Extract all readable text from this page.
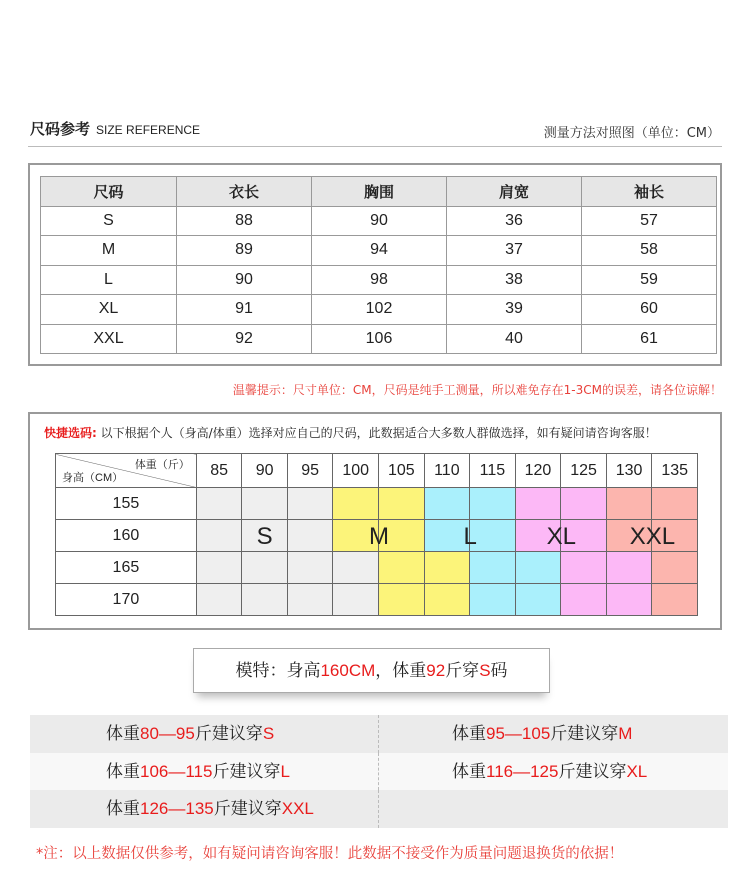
尺码参考 SIZE REFERENCE	测量方法对照图（单位：CM）
尺码	衣长	胸围	肩宽	袖长
S	88	90	36	57
M	89	94	37	58
L	90	98	38	59
XL	91	102	39	60
XXL	92	106	40	61
温馨提示：尺寸单位：CM，尺码是纯手工测量，所以难免存在1-3CM的误差，请各位谅解！
快捷选码: 以下根据个人（身高/体重）选择对应自己的尺码，此数据适合大多数人群做选择，如有疑问请咨询客服！
体重（斤）
身高（CM）	85	90	95	100	105	110	115	120	125	130	135
155											
160		S			M		L		XL		XXL

165											
170											
模特：身高160CM，体重92斤穿S码
体重80—95斤建议穿S	体重95—105斤建议穿M
体重106—115斤建议穿L	体重116—125斤建议穿XL
体重126—135斤建议穿XXL
*注：以上数据仅供参考，如有疑问请咨询客服！此数据不接受作为质量问题退换货的依据！
